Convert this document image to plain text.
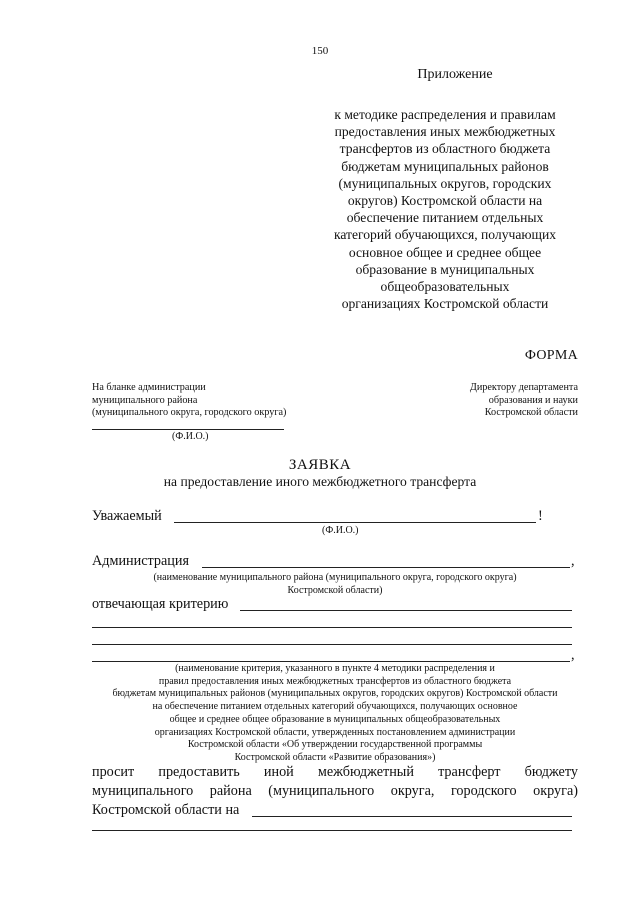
150
Приложение
к методике распределения и правилам
предоставления иных межбюджетных
трансфертов из областного бюджета
бюджетам муниципальных районов
(муниципальных округов, городских
округов) Костромской области на
обеспечение питанием отдельных
категорий обучающихся, получающих
основное общее и среднее общее
образование в муниципальных
общеобразовательных
организациях Костромской области
ФОРМА
На бланке администрации
муниципального района
(муниципального округа, городского округа)
Директору департамента
образования и науки
Костромской области
(Ф.И.О.)
ЗАЯВКА
на предоставление иного межбюджетного трансферта
Уважаемый	!
(Ф.И.О.)
Администрация	,
(наименование муниципального района (муниципального округа, городского округа)
Костромской области)
отвечающая критерию
,
(наименование критерия, указанного в пункте 4 методики распределения и
правил предоставления иных межбюджетных трансфертов из областного бюджета
бюджетам муниципальных районов (муниципальных округов, городских округов) Костромской области
на обеспечение питанием отдельных категорий обучающихся, получающих основное
общее и среднее общее образование в муниципальных общеобразовательных
организациях Костромской области, утвержденных постановлением администрации
Костромской области «Об утверждении государственной программы
Костромской области «Развитие образования»)
просит предоставить иной межбюджетный трансферт бюджету
муниципального района (муниципального округа, городского округа)
Костромской области на
